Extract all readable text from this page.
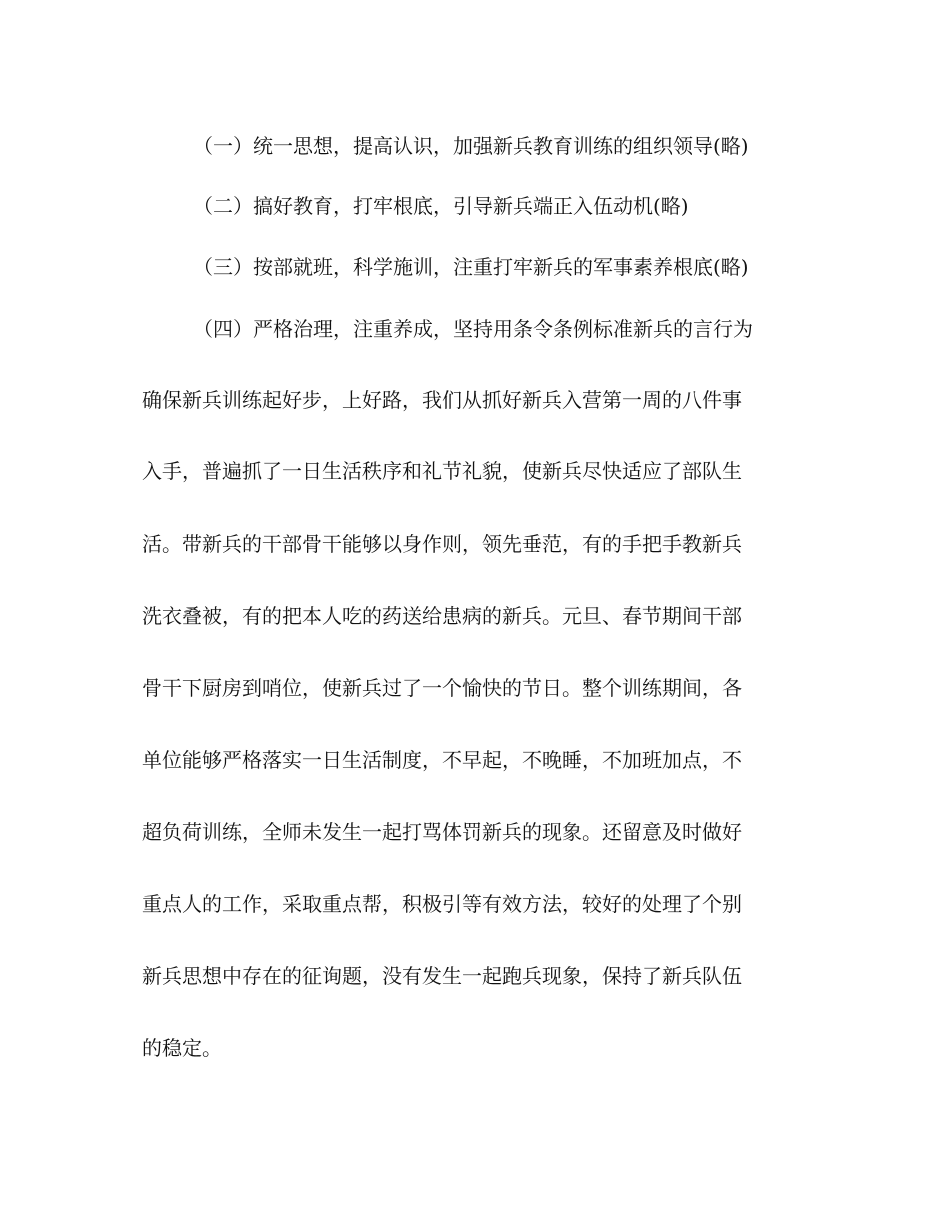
（一）统一思想，提高认识，加强新兵教育训练的组织领导(略)
（二）搞好教育，打牢根底，引导新兵端正入伍动机(略)
（三）按部就班，科学施训，注重打牢新兵的军事素养根底(略)
（四）严格治理，注重养成，坚持用条令条例标准新兵的言行为
确保新兵训练起好步，上好路，我们从抓好新兵入营第一周的八件事
入手，普遍抓了一日生活秩序和礼节礼貌，使新兵尽快适应了部队生
活。带新兵的干部骨干能够以身作则，领先垂范，有的手把手教新兵
洗衣叠被，有的把本人吃的药送给患病的新兵。元旦、春节期间干部
骨干下厨房到哨位，使新兵过了一个愉快的节日。整个训练期间，各
单位能够严格落实一日生活制度，不早起，不晚睡，不加班加点，不
超负荷训练，全师未发生一起打骂体罚新兵的现象。还留意及时做好
重点人的工作，采取重点帮，积极引等有效方法，较好的处理了个别
新兵思想中存在的征询题，没有发生一起跑兵现象，保持了新兵队伍
的稳定。
